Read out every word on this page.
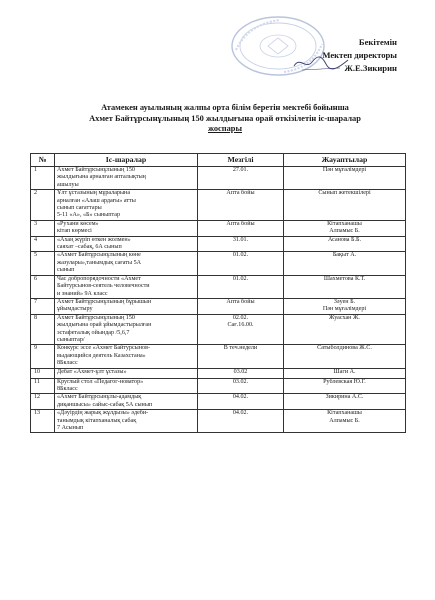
Бекітемін
Мектеп директоры
Ж.Е.Зикирин
Атамекен ауылының жалпы орта білім беретін мектебі бойынша
Ахмет Байтұрсынұлының 150 жылдығына орай өткізілетін іс-шаралар
жоспары
№	Іс-шаралар	Мезгілі	Жауаптылар
1	Ахмет Байтұрсынұлының 150
жылдығына арналған апталықтың
ашылуы	27.01.	Пән мұғалімдері

2	Ұлт ұстазының мұраларына
арналған «Алаш ардағы» атты
сынып сағаттары
5-11 «А», «Б» сыныптар	Апта бойы	Сынып жетекшілері

3	«Рухани көсем»
кітап көрмесі	Апта бойы	Кітапханашы
Алпамыс Б.

4	«Ахаң жүріп өткен жолмен»
саяхат –сабақ, 6А сынып	31.01.	Асанова Б.Б.

5	«Ахмет Байтұрсынұлының көне
жазулары»,танымдық сағаты 5А
сынып	01.02.	Бақыт А.

6	Час добропорядочности «Ахмет
Байтурсынов-сеятель человечности
и знаний» 9А класс	01.02.	Шахметова К.Т.

7	Ахмет Байтұрсынұлының бұрышын
ұйымдастыру	Апта бойы	Зәуен Б.
Пән мұғалімдері

8	Ахмет Байтұрсынұлының 150
жылдығына орай ұйымдастырылған
эстафеталық ойындар /5,6,7
сыныптар/	02.02.
Сағ.16.00.	Жуасхан Ж.

9	Конкурс эссе «Ахмет Байтурсынов-
выдающийся деятель Казахстана»
8Бкласс	В теч.недели	Сатыболдинова Ж.С.

10	Дебат «Ахмет-ұлт ұстазы»	03.02	Шаги А.

11	Круглый стол «Педагог-новатор»
8Бкласс	03.02.	Рублевская Ю.Г.

12	«Ахмет Байтұрсынұлы-адамдық
диқаншысы» сайыс-сабақ 5А сынып	04.02.	Зикирина А.С.

13	«Дәуірдің жарық жұлдызы» әдеби-
танымдық кітапханалық сабақ
7 Асынып	04.02.	Кітапханашы
Алпамыс Б.
